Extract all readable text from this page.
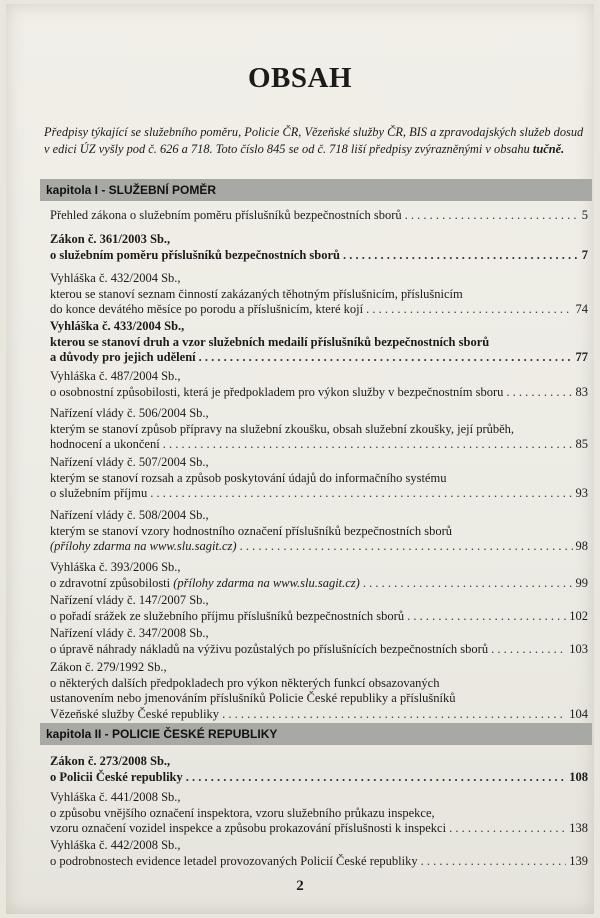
OBSAH
Předpisy týkající se služebního poměru, Policie ČR, Vězeňské služby ČR, BIS a zpravodajských služeb dosud v edici ÚZ vyšly pod č. 626 a 718. Toto číslo 845 se od č. 718 liší předpisy zvýrazněnými v obsahu tučně.
kapitola I - SLUŽEBNÍ POMĚR
Přehled zákona o služebním poměru příslušníků bezpečnostních sborů . . .	5
Zákon č. 361/2003 Sb.,
o služebním poměru příslušníků bezpečnostních sborů . . .	7
Vyhláška č. 432/2004 Sb.,
kterou se stanoví seznam činností zakázaných těhotným příslušnicím, příslušnicím
do konce devátého měsíce po porodu a příslušnicím, které kojí . . .	74
Vyhláška č. 433/2004 Sb.,
kterou se stanoví druh a vzor služebních medailí příslušníků bezpečnostních sborů
a důvody pro jejich udělení . . .	77
Vyhláška č. 487/2004 Sb.,
o osobnostní způsobilosti, která je předpokladem pro výkon služby v bezpečnostním sboru . . .	83
Nařízení vlády č. 506/2004 Sb.,
kterým se stanoví způsob přípravy na služební zkoušku, obsah služební zkoušky, její průběh,
hodnocení a ukončení . . .	85
Nařízení vlády č. 507/2004 Sb.,
kterým se stanoví rozsah a způsob poskytování údajů do informačního systému
o služebním příjmu . . .	93
Nařízení vlády č. 508/2004 Sb.,
kterým se stanoví vzory hodnostního označení příslušníků bezpečnostních sborů
(přílohy zdarma na www.slu.sagit.cz) . . .	98
Vyhláška č. 393/2006 Sb.,
o zdravotní způsobilosti
(přílohy zdarma na www.slu.sagit.cz) . . .	99
Nařízení vlády č. 147/2007 Sb.,
o pořadí srážek ze služebního příjmu příslušníků bezpečnostních sborů . . .	102
Nařízení vlády č. 347/2008 Sb.,
o úpravě náhrady nákladů na výživu pozůstalých po příslušnících bezpečnostních sborů . . .	103
Zákon č. 279/1992 Sb.,
o některých dalších předpokladech pro výkon některých funkcí obsazovaných
ustanovením nebo jmenováním příslušníků Policie České republiky a příslušníků
Vězeňské služby České republiky . . .	104
kapitola II - POLICIE ČESKÉ REPUBLIKY
Zákon č. 273/2008 Sb.,
o Policii České republiky . . .	108
Vyhláška č. 441/2008 Sb.,
o způsobu vnějšího označení inspektora, vzoru služebního průkazu inspekce,
vzoru označení vozidel inspekce a způsobu prokazování příslušnosti k inspekci . . .	138
Vyhláška č. 442/2008 Sb.,
o podrobnostech evidence letadel provozovaných Policií České republiky . . .	139
2
